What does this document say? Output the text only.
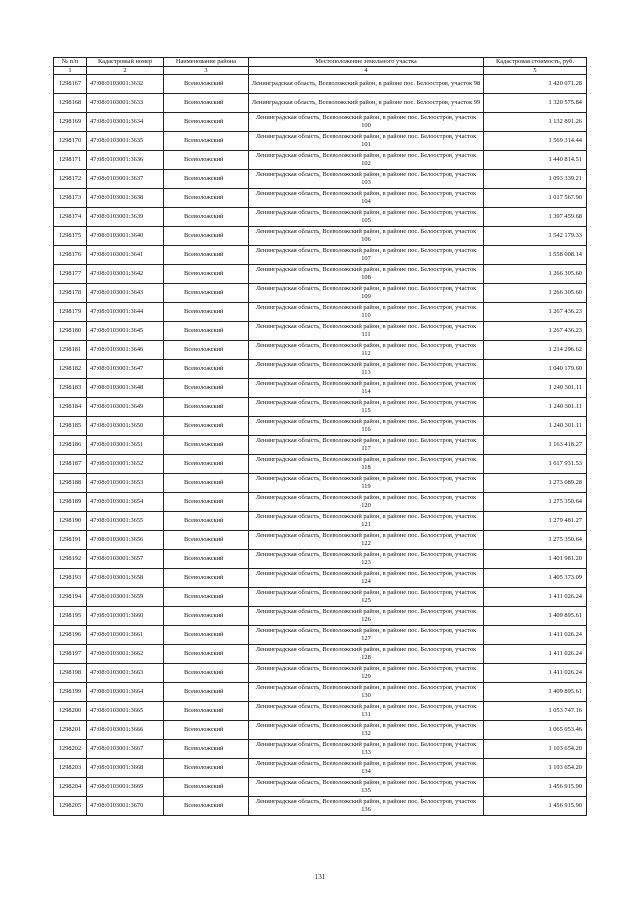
№ п/п	Кадастровый номер	Наименование района	Местоположение земельного участка	Кадастровая стоимость, руб.
1	2	3	4	5
1298167	47:08:0103001:3632	Всеволожский	Ленинградская область, Всеволожский район, в районе пос. Белоостров, участок 98	1 420 071.28
1298168	47:08:0103001:3633	Всеволожский	Ленинградская область, Всеволожский район, в районе пос. Белоостров, участок 99	1 320 575.84
1298169	47:08:0103001:3634	Всеволожский	Ленинградская область, Всеволожский район, в районе пос. Белоостров, участок 100	1 132 891.26
1298170	47:08:0103001:3635	Всеволожский	Ленинградская область, Всеволожский район, в районе пос. Белоостров, участок 101	1 569 314.44
1298171	47:08:0103001:3636	Всеволожский	Ленинградская область, Всеволожский район, в районе пос. Белоостров, участок 102	1 440 814.51
1298172	47:08:0103001:3637	Всеволожский	Ленинградская область, Всеволожский район, в районе пос. Белоостров, участок 103	1 093 339.21
1298173	47:08:0103001:3638	Всеволожский	Ленинградская область, Всеволожский район, в районе пос. Белоостров, участок 104	1 017 567.90
1298174	47:08:0103001:3639	Всеволожский	Ленинградская область, Всеволожский район, в районе пос. Белоостров, участок 105	1 397 459.68
1298175	47:08:0103001:3640	Всеволожский	Ленинградская область, Всеволожский район, в районе пос. Белоостров, участок 106	1 542 179.33
1298176	47:08:0103001:3641	Всеволожский	Ленинградская область, Всеволожский район, в районе пос. Белоостров, участок 107	1 558 008.14
1298177	47:08:0103001:3642	Всеволожский	Ленинградская область, Всеволожский район, в районе пос. Белоостров, участок 108	1 266 305.60
1298178	47:08:0103001:3643	Всеволожский	Ленинградская область, Всеволожский район, в районе пос. Белоостров, участок 109	1 266 305.60
1298179	47:08:0103001:3644	Всеволожский	Ленинградская область, Всеволожский район, в районе пос. Белоостров, участок 110	1 267 436.23
1298180	47:08:0103001:3645	Всеволожский	Ленинградская область, Всеволожский район, в районе пос. Белоостров, участок 111	1 267 436.23
1298181	47:08:0103001:3646	Всеволожский	Ленинградская область, Всеволожский район, в районе пос. Белоостров, участок 112	1 214 296.62
1298182	47:08:0103001:3647	Всеволожский	Ленинградская область, Всеволожский район, в районе пос. Белоостров, участок 113	1 040 179.60
1298183	47:08:0103001:3648	Всеволожский	Ленинградская область, Всеволожский район, в районе пос. Белоостров, участок 114	1 240 301.11
1298184	47:08:0103001:3649	Всеволожский	Ленинградская область, Всеволожский район, в районе пос. Белоостров, участок 115	1 240 301.11
1298185	47:08:0103001:3650	Всеволожский	Ленинградская область, Всеволожский район, в районе пос. Белоостров, участок 116	1 240 301.11
1298186	47:08:0103001:3651	Всеволожский	Ленинградская область, Всеволожский район, в районе пос. Белоостров, участок 117	1 163 418.27
1298187	47:08:0103001:3652	Всеволожский	Ленинградская область, Всеволожский район, в районе пос. Белоостров, участок 118	1 617 931.53
1298188	47:08:0103001:3653	Всеволожский	Ленинградская область, Всеволожский район, в районе пос. Белоостров, участок 119	1 273 089.28
1298189	47:08:0103001:3654	Всеволожский	Ленинградская область, Всеволожский район, в районе пос. Белоостров, участок 120	1 275 350.64
1298190	47:08:0103001:3655	Всеволожский	Ленинградская область, Всеволожский район, в районе пос. Белоостров, участок 121	1 279 481.27
1298191	47:08:0103001:3656	Всеволожский	Ленинградская область, Всеволожский район, в районе пос. Белоостров, участок 122	1 275 350.64
1298192	47:08:0103001:3657	Всеволожский	Ленинградская область, Всеволожский район, в районе пос. Белоостров, участок 123	1 401 981.20
1298193	47:08:0103001:3658	Всеволожский	Ленинградская область, Всеволожский район, в районе пос. Белоостров, участок 124	1 405 373.09
1298194	47:08:0103001:3659	Всеволожский	Ленинградская область, Всеволожский район, в районе пос. Белоостров, участок 125	1 411 026.24
1298195	47:08:0103001:3660	Всеволожский	Ленинградская область, Всеволожский район, в районе пос. Белоостров, участок 126	1 409 895.61
1298196	47:08:0103001:3661	Всеволожский	Ленинградская область, Всеволожский район, в районе пос. Белоостров, участок 127	1 411 026.24
1298197	47:08:0103001:3662	Всеволожский	Ленинградская область, Всеволожский район, в районе пос. Белоостров, участок 128	1 411 026.24
1298198	47:08:0103001:3663	Всеволожский	Ленинградская область, Всеволожский район, в районе пос. Белоостров, участок 129	1 411 026.24
1298199	47:08:0103001:3664	Всеволожский	Ленинградская область, Всеволожский район, в районе пос. Белоостров, участок 130	1 409 895.61
1298200	47:08:0103001:3665	Всеволожский	Ленинградская область, Всеволожский район, в районе пос. Белоостров, участок 131	1 053 747.16
1298201	47:08:0103001:3666	Всеволожский	Ленинградская область, Всеволожский район, в районе пос. Белоостров, участок 132	1 065 053.46
1298202	47:08:0103001:3667	Всеволожский	Ленинградская область, Всеволожский район, в районе пос. Белоостров, участок 133	1 103 654.20
1298203	47:08:0103001:3668	Всеволожский	Ленинградская область, Всеволожский район, в районе пос. Белоостров, участок 134	1 103 654.20
1298204	47:08:0103001:3669	Всеволожский	Ленинградская область, Всеволожский район, в районе пос. Белоостров, участок 135	1 456 915.90
1298205	47:08:0103001:3670	Всеволожский	Ленинградская область, Всеволожский район, в районе пос. Белоостров, участок 136	1 456 915.90
131
